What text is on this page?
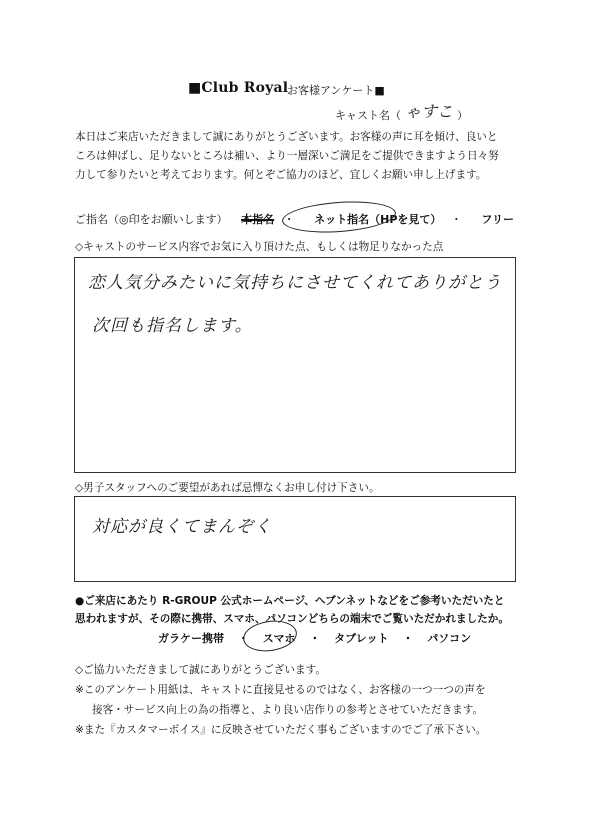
■Club Royal
お客様アンケート■
キャスト名（ ゃすこ ）
本日はご来店いただきまして誠にありがとうございます。お客様の声に耳を傾け、良いと
ころは伸ばし、足りないところは補い、より一層深いご満足をご提供できますよう日々努
力して参りたいと考えております。何とぞご協力のほど、宜しくお願い申し上げます。
ご指名（◎印をお願いします） 本指名 ・ ネット指名（HPを見て） ・ フリー
◇キャストのサービス内容でお気に入り頂けた点、もしくは物足りなかった点
恋人気分みたいに気持ちにさせてくれてありがとう
次回も指名します。
◇男子スタッフへのご要望があれば忌憚なくお申し付け下さい。
対応が良くてまんぞく
●ご来店にあたり R-GROUP 公式ホームページ、ヘブンネットなどをご参考いただいたと
思われますが、その際に携帯、スマホ、パソコンどちらの端末でご覧いただかれましたか。
ガラケー携帯 ・ スマホ ・ タブレット ・ パソコン
◇ご協力いただきまして誠にありがとうございます。
※このアンケート用紙は、キャストに直接見せるのではなく、お客様の一つ一つの声を
接客・サービス向上の為の指導と、より良い店作りの参考とさせていただきます。
※また『カスタマーボイス』に反映させていただく事もございますのでご了承下さい。
